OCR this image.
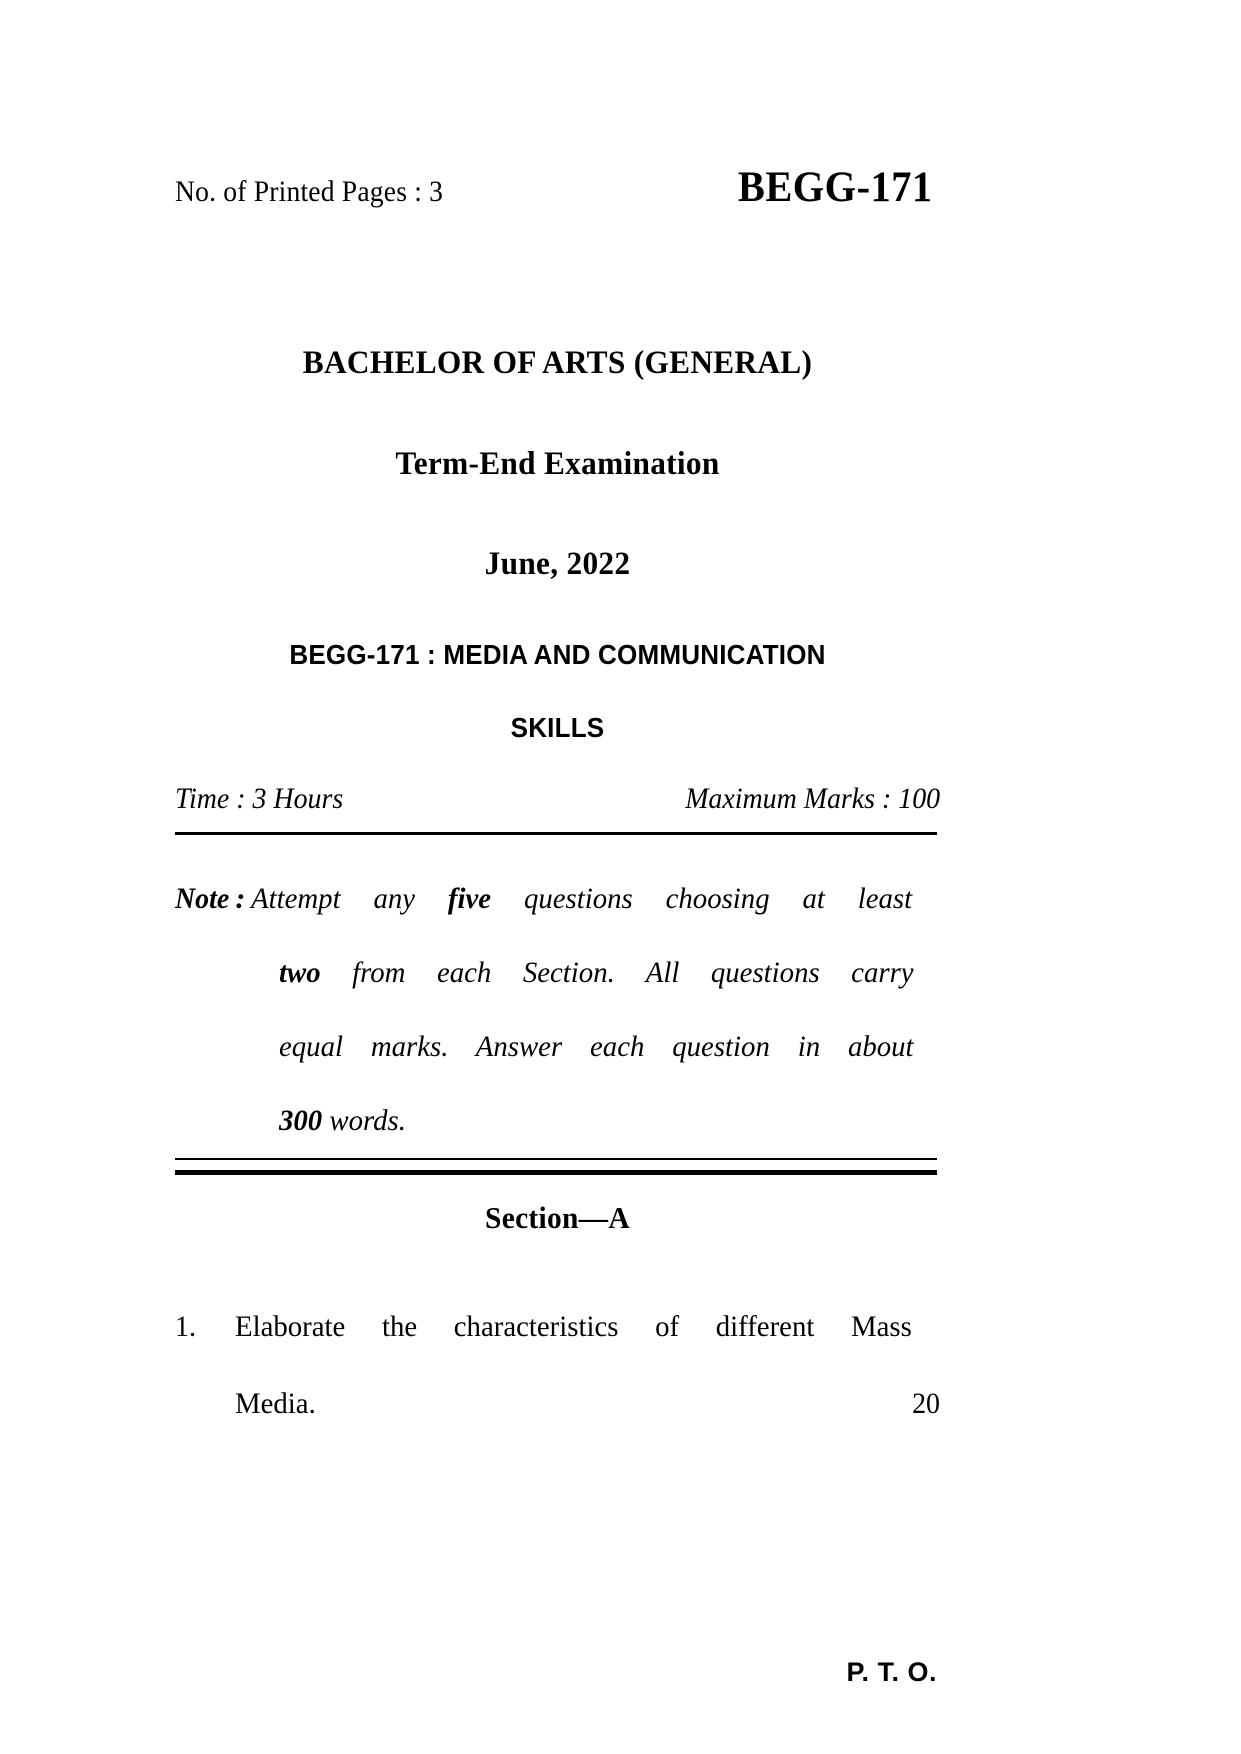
No. of Printed Pages : 3	BEGG-171
BACHELOR OF ARTS (GENERAL)
Term-End Examination
June, 2022
BEGG-171 : MEDIA AND COMMUNICATION
SKILLS
Time : 3 Hours	Maximum Marks : 100
Note : Attempt any five questions choosing at least
two from each Section. All questions carry
equal marks. Answer each question in about
300 words.
Section—A
1.	Elaborate the characteristics of different Mass
Media.	20
P. T. O.
